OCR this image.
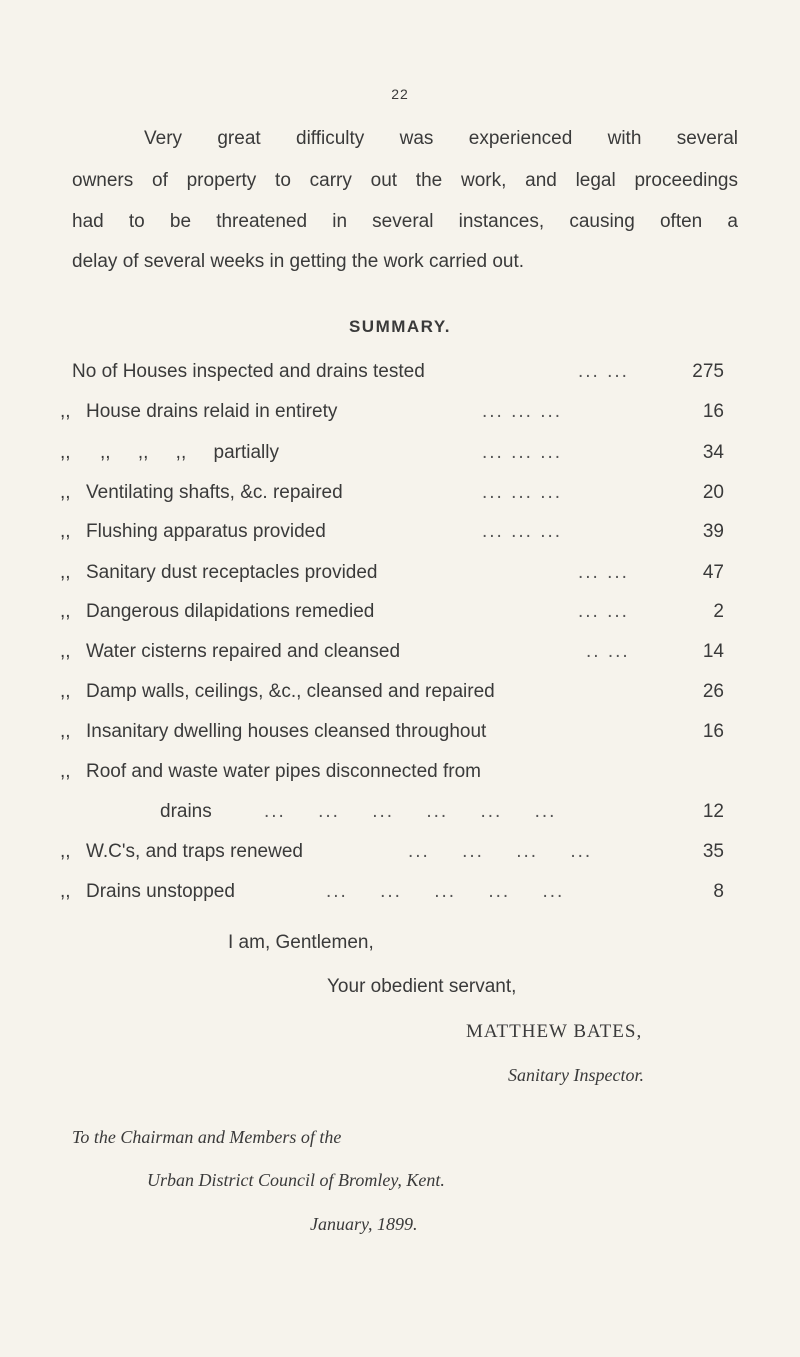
22
Very great difficulty was experienced with several
owners of property to carry out the work, and legal proceedings
had to be threatened in several instances, causing often a
delay of several weeks in getting the work carried out.
SUMMARY.
No of Houses inspected and drains tested	... ...	275
,, House drains relaid in entirety	... ... ...	16
,, ,, ,, ,, partially	... ... ...	34
,, Ventilating shafts, &c. repaired	... ... ...	20
,, Flushing apparatus provided	... ... ...	39
,, Sanitary dust receptacles provided	... ...	47
,, Dangerous dilapidations remedied	... ...	2
,, Water cisterns repaired and cleansed	.. ...	14
,, Damp walls, ceilings, &c., cleansed and repaired	26
,, Insanitary dwelling houses cleansed throughout	16
,, Roof and waste water pipes disconnected from
drains	... ... ... ... ... ...	12
,, W.C's, and traps renewed	... ... ... ...	35
,, Drains unstopped	... ... ... ... ...	8
I am, Gentlemen,
Your obedient servant,
MATTHEW BATES,
Sanitary Inspector.
To the Chairman and Members of the
Urban District Council of Bromley, Kent.
January, 1899.
